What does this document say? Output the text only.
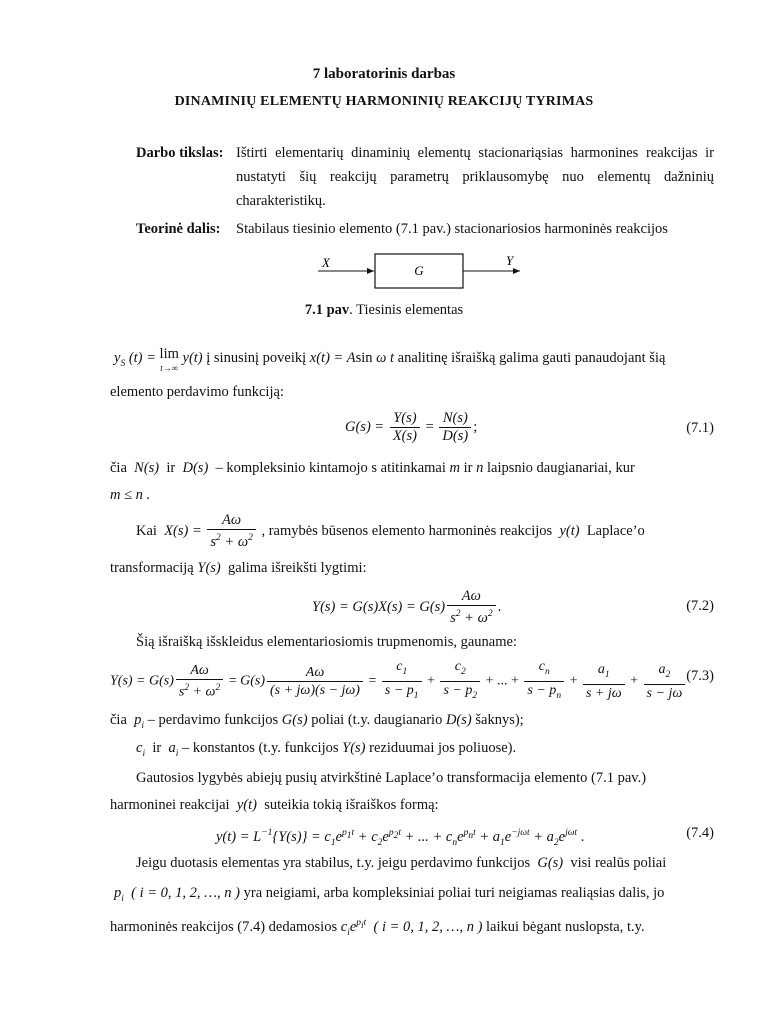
7 laboratorinis darbas
DINAMINIŲ ELEMENTŲ HARMONINIŲ REAKCIJŲ TYRIMAS
Darbo tikslas: Ištirti elementarių dinaminių elementų stacionariąsias harmonines reakcijas ir nustatyti šių reakcijų parametrų priklausomybę nuo elementų dažninių charakteristikų.
Teorinė dalis: Stabilaus tiesinio elemento (7.1 pav.) stacionariosios harmoninės reakcijos
X
G
Y
7.1 pav. Tiesinis elementas
$y_S$ (t) = lim
t→∞ y(t) į sinusinį poveikį x(t) = Asin ω t analitinę išraišką galima gauti panaudojant šią
elemento perdavimo funkciją:
$G(s) = \frac{Y(s)}{X(s)} = \frac{N(s)}{D(s)}$ ;	(7.1)
čia N(s) ir D(s) – kompleksinio kintamojo s atitinkamai m ir n laipsnio daugianariai, kur
m ≤ n .
Kai $X(s) = \frac{A\omega}{s^2 + \omega^2}$ , ramybės būsenos elemento harmoninės reakcijos y(t) Laplace’o
transformaciją Y(s) galima išreikšti lygtimi:
$Y(s) = G(s)X(s) = G(s) \frac{A\omega}{s^2 + \omega^2}$ .	(7.2)
Šią išraišką išskleidus elementariosiomis trupmenomis, gauname:
$Y(s) = G(s) \frac{A\omega}{s^2 + \omega^2} = G(s) \frac{A\omega}{(s + j\omega)(s - j\omega)} = \frac{c_1}{s - p_1} + \frac{c_2}{s - p_2}$ + ... + $\frac{c_n}{s - p_n} + \frac{a_1}{s + j\omega} + \frac{a_2}{s - j\omega} (7.3)$
čia $p_i$ – perdavimo funkcijos G(s) poliai (t.y. daugianario D(s) šaknys);
$c_i$ ir $a_i$ – konstantos (t.y. funkcijos Y(s) reziduumai jos poliuose).
Gautosios lygybės abiejų pusių atvirkštinė Laplace’o transformacija elemento (7.1 pav.)
harmoninei reakcijai y(t) suteikia tokią išraiškos formą:
$y(t) = L^{-1}\{Y(s)\} = c_1e^{p_1t} + c_2e^{p_2t}$ + ... + $c_ne^{p_nt} + a_1e^{-j\omega t} + a_2e^{j\omega t}$ .	(7.4)
Jeigu duotasis elementas yra stabilus, t.y. jeigu perdavimo funkcijos G(s) visi realūs poliai
$p_i$ ( i = 0, 1, 2, …, n ) yra neigiami, arba kompleksiniai poliai turi neigiamas realiąsias dalis, jo
harmoninės reakcijos (7.4) dedamosios $c_ie^{p_it}$ ( i = 0, 1, 2, …, n ) laikui bėgant nuslopsta, t.y.
